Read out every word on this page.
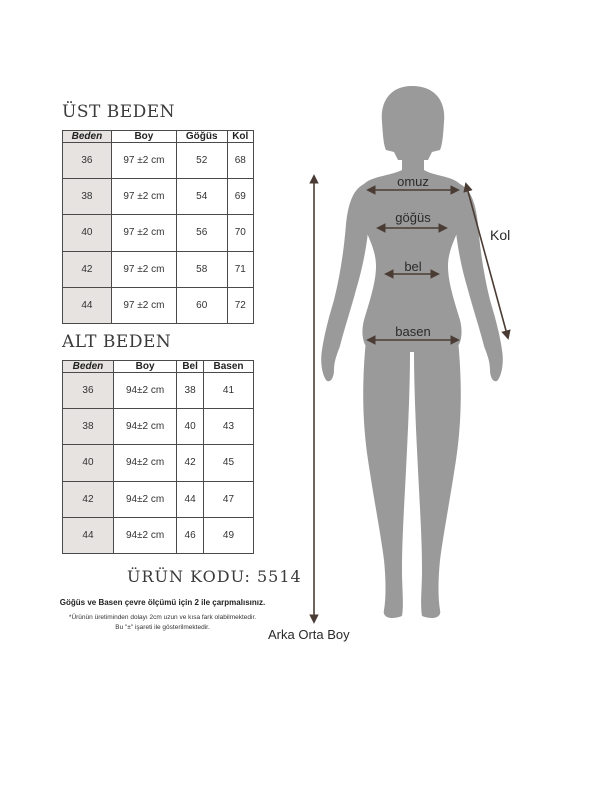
ÜST BEDEN
Beden	Boy	Göğüs	Kol
36	97 ±2 cm	52	68
38	97 ±2 cm	54	69
40	97 ±2 cm	56	70
42	97 ±2 cm	58	71
44	97 ±2 cm	60	72
ALT BEDEN
Beden	Boy	Bel	Basen
36	94±2 cm	38	41
38	94±2 cm	40	43
40	94±2 cm	42	45
42	94±2 cm	44	47
44	94±2 cm	46	49
ÜRÜN KODU: 5514
Göğüs ve Basen çevre ölçümü için 2 ile çarpmalısınız.
*Ürünün üretiminden dolayı 2cm uzun ve kısa fark olabilmektedir.
Bu "±" işareti ile gösterilmektedir.
omuz
göğüs
bel
basen
Kol
Arka Orta Boy
